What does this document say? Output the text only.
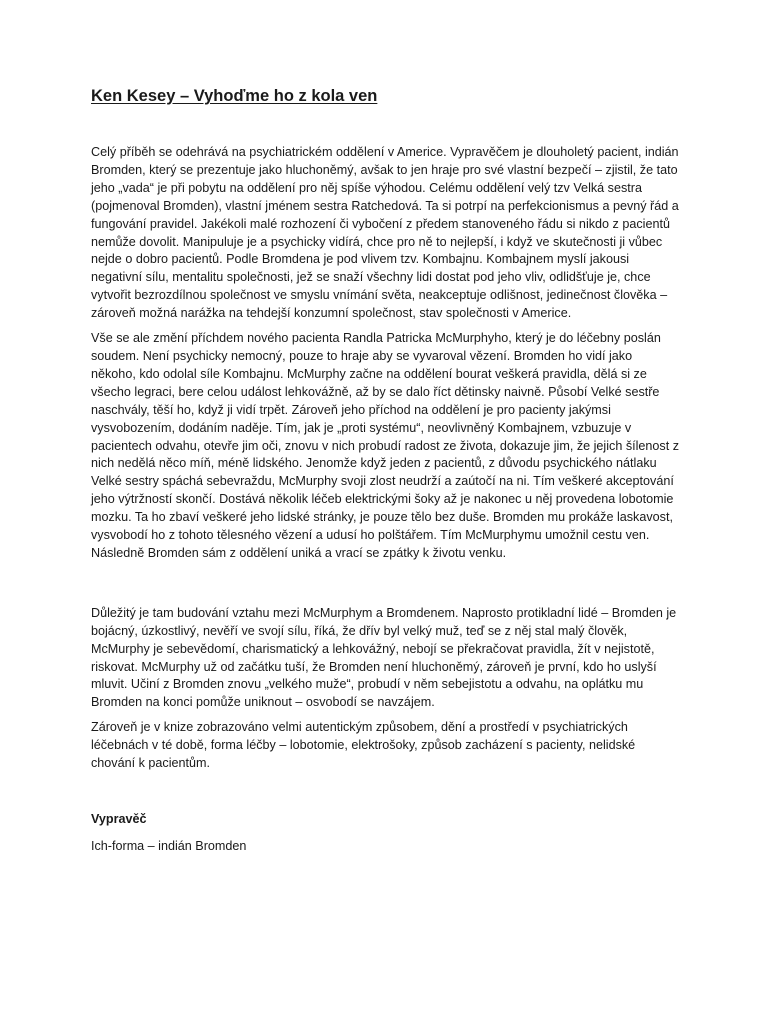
Ken Kesey – Vyhoďme ho z kola ven

Celý příběh se odehrává na psychiatrickém oddělení v Americe. Vypravěčem je dlouholetý pacient, indián Bromden, který se prezentuje jako hluchoněmý, avšak to jen hraje pro své vlastní bezpečí – zjistil, že tato jeho „vada“ je při pobytu na oddělení pro něj spíše výhodou. Celému oddělení velý tzv Velká sestra (pojmenoval Bromden), vlastní jménem sestra Ratchedová. Ta si potrpí na perfekcionismus a pevný řád a fungování pravidel. Jakékoli malé rozhození či vybočení z předem stanoveného řádu si nikdo z pacientů nemůže dovolit. Manipuluje je a psychicky vidírá, chce pro ně to nejlepší, i když ve skutečnosti ji vůbec nejde o dobro pacientů. Podle Bromdena je pod vlivem tzv. Kombajnu. Kombajnem myslí jakousi negativní sílu, mentalitu společnosti, jež se snaží všechny lidi dostat pod jeho vliv, odlidšťuje je, chce vytvořit bezrozdílnou společnost ve smyslu vnímání světa, neakceptuje odlišnost, jedinečnost člověka – zároveň možná narážka na tehdejší konzumní společnost, stav společnosti v Americe.

Vše se ale změní příchdem nového pacienta Randla Patricka McMurphyho, který je do léčebny poslán soudem. Není psychicky nemocný, pouze to hraje aby se vyvaroval vězení. Bromden ho vidí jako někoho, kdo odolal síle Kombajnu. McMurphy začne na oddělení bourat veškerá pravidla, dělá si ze všecho legraci, bere celou událost lehkovážně, až by se dalo říct dětinsky naivně. Působí Velké sestře naschvály, těší ho, když ji vidí trpět. Zároveň jeho příchod na oddělení je pro pacienty jakýmsi vysvobozením, dodáním naděje. Tím, jak je „proti systému“, neovlivněný Kombajnem, vzbuzuje v pacientech odvahu, otevře jim oči, znovu v nich probudí radost ze života, dokazuje jim, že jejich šílenost z nich nedělá něco míň, méně lidského. Jenomže když jeden z pacientů, z důvodu psychického nátlaku Velké sestry spáchá sebevraždu, McMurphy svoji zlost neudrží a zaútočí na ni. Tím veškeré akceptování jeho výtržností skončí. Dostává několik léčeb elektrickými šoky až je nakonec u něj provedena lobotomie mozku. Ta ho zbaví veškeré jeho lidské stránky, je pouze tělo bez duše. Bromden mu prokáže laskavost, vysvobodí ho z tohoto tělesného vězení a udusí ho polštářem. Tím McMurphymu umožnil cestu ven. Následně Bromden sám z oddělení uniká a vrací se zpátky k životu venku.

Důležitý je tam budování vztahu mezi McMurphym a Bromdenem. Naprosto protikladní lidé – Bromden je bojácný, úzkostlivý, nevěří ve svojí sílu, říká, že dřív byl velký muž, teď se z něj stal malý člověk, McMurphy je sebevědomí, charismatický a lehkovážný, nebojí se překračovat pravidla, žít v nejistotě, riskovat. McMurphy už od začátku tuší, že Bromden není hluchoněmý, zároveň je první, kdo ho uslyší mluvit. Učiní z Bromden znovu „velkého muže“, probudí v něm sebejistotu a odvahu, na oplátku mu Bromden na konci pomůže uniknout – osvobodí se navzájem.

Zároveň je v knize zobrazováno velmi autentickým způsobem, dění a prostředí v psychiatrických léčebnách v té době, forma léčby – lobotomie, elektrošoky, způsob zacházení s pacienty, nelidské chování k pacientům.

Vypravěč

Ich-forma – indián Bromden
